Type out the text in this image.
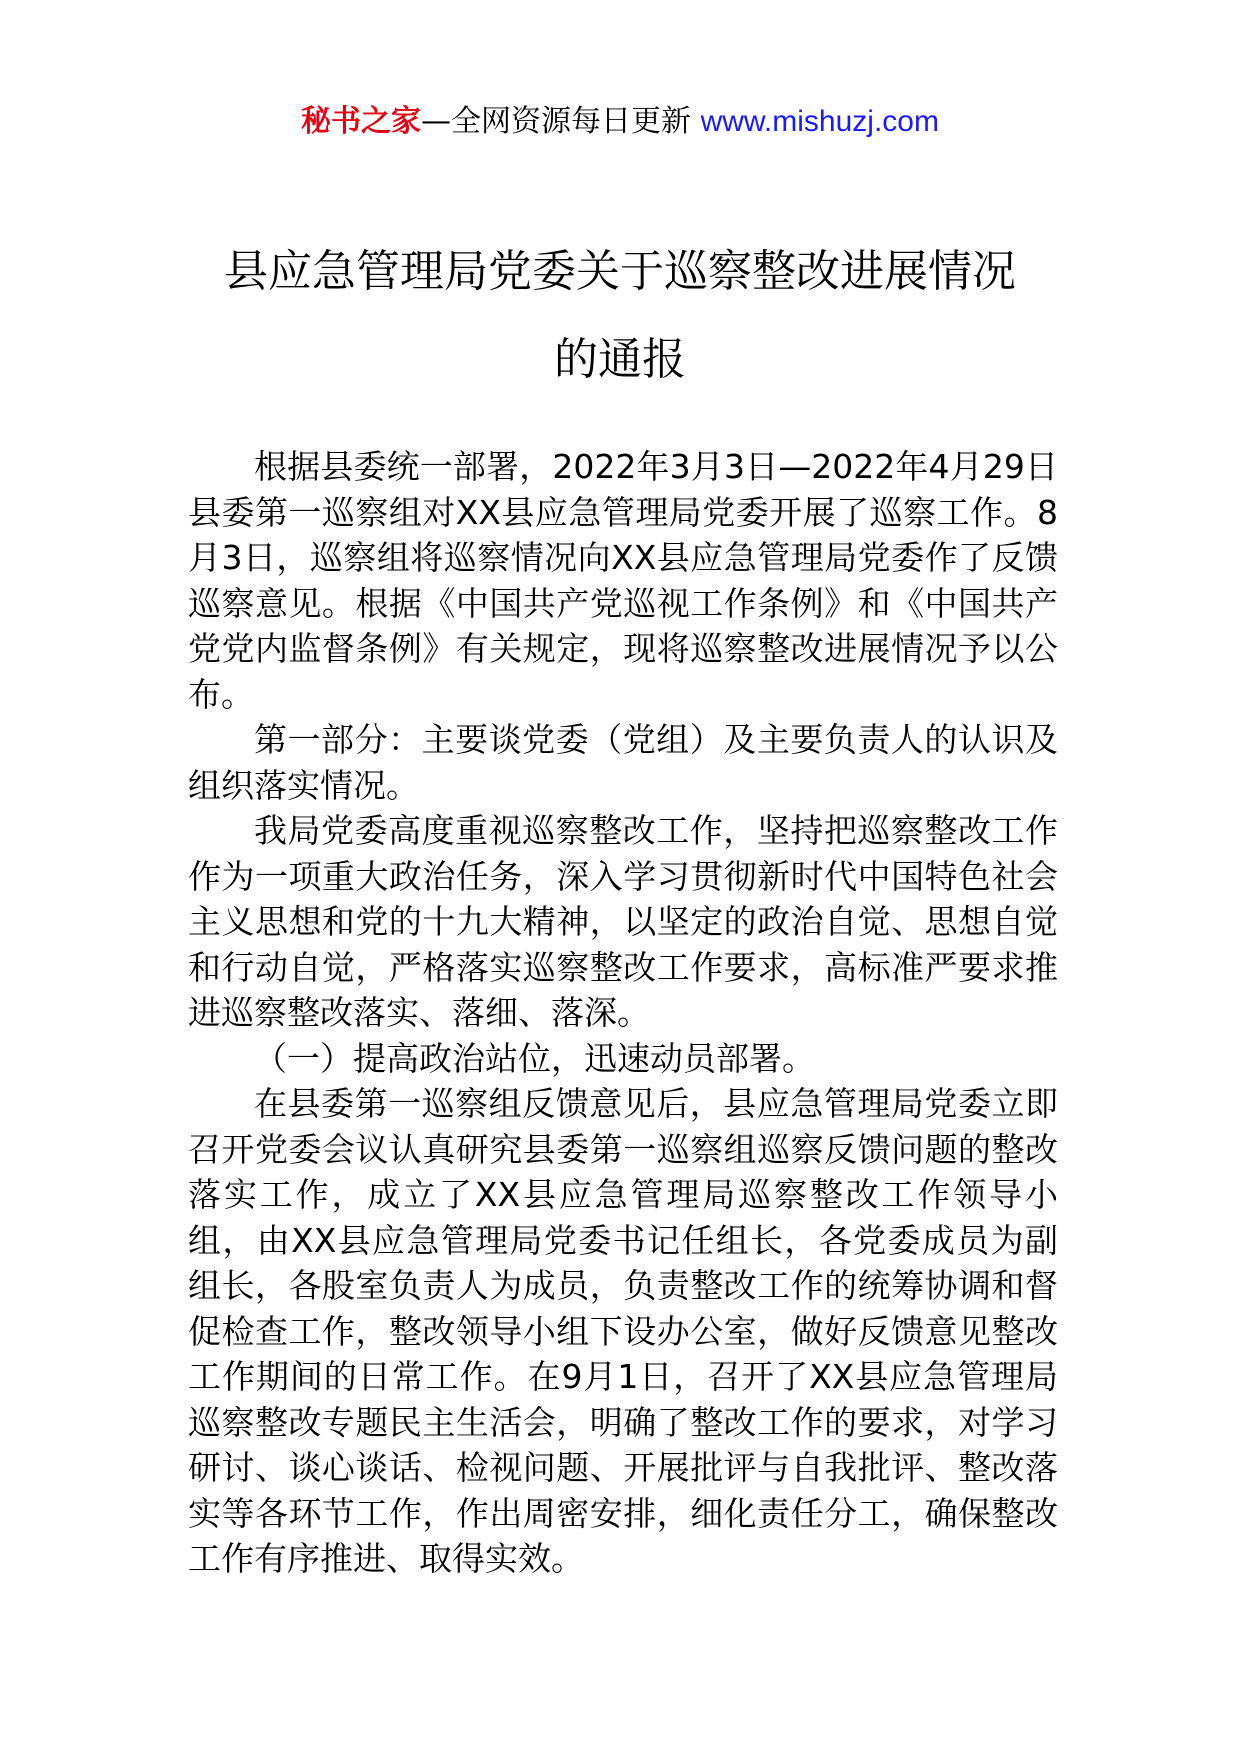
秘书之家—全网资源每日更新 www.mishuzj.com
县应急管理局党委关于巡察整改进展情况
的通报

根据县委统一部署，2022年3月3日—2022年4月29日县委第一巡察组对XX县应急管理局党委开展了巡察工作。8月3日，巡察组将巡察情况向XX县应急管理局党委作了反馈巡察意见。根据《中国共产党巡视工作条例》和《中国共产党党内监督条例》有关规定，现将巡察整改进展情况予以公布。

第一部分：主要谈党委（党组）及主要负责人的认识及组织落实情况。

我局党委高度重视巡察整改工作，坚持把巡察整改工作作为一项重大政治任务，深入学习贯彻新时代中国特色社会主义思想和党的十九大精神，以坚定的政治自觉、思想自觉和行动自觉，严格落实巡察整改工作要求，高标准严要求推进巡察整改落实、落细、落深。

（一）提高政治站位，迅速动员部署。

在县委第一巡察组反馈意见后，县应急管理局党委立即召开党委会议认真研究县委第一巡察组巡察反馈问题的整改落实工作，成立了XX县应急管理局巡察整改工作领导小组，由XX县应急管理局党委书记任组长，各党委成员为副组长，各股室负责人为成员，负责整改工作的统筹协调和督促检查工作，整改领导小组下设办公室，做好反馈意见整改工作期间的日常工作。在9月1日，召开了XX县应急管理局巡察整改专题民主生活会，明确了整改工作的要求，对学习研讨、谈心谈话、检视问题、开展批评与自我批评、整改落实等各环节工作，作出周密安排，细化责任分工，确保整改工作有序推进、取得实效。
